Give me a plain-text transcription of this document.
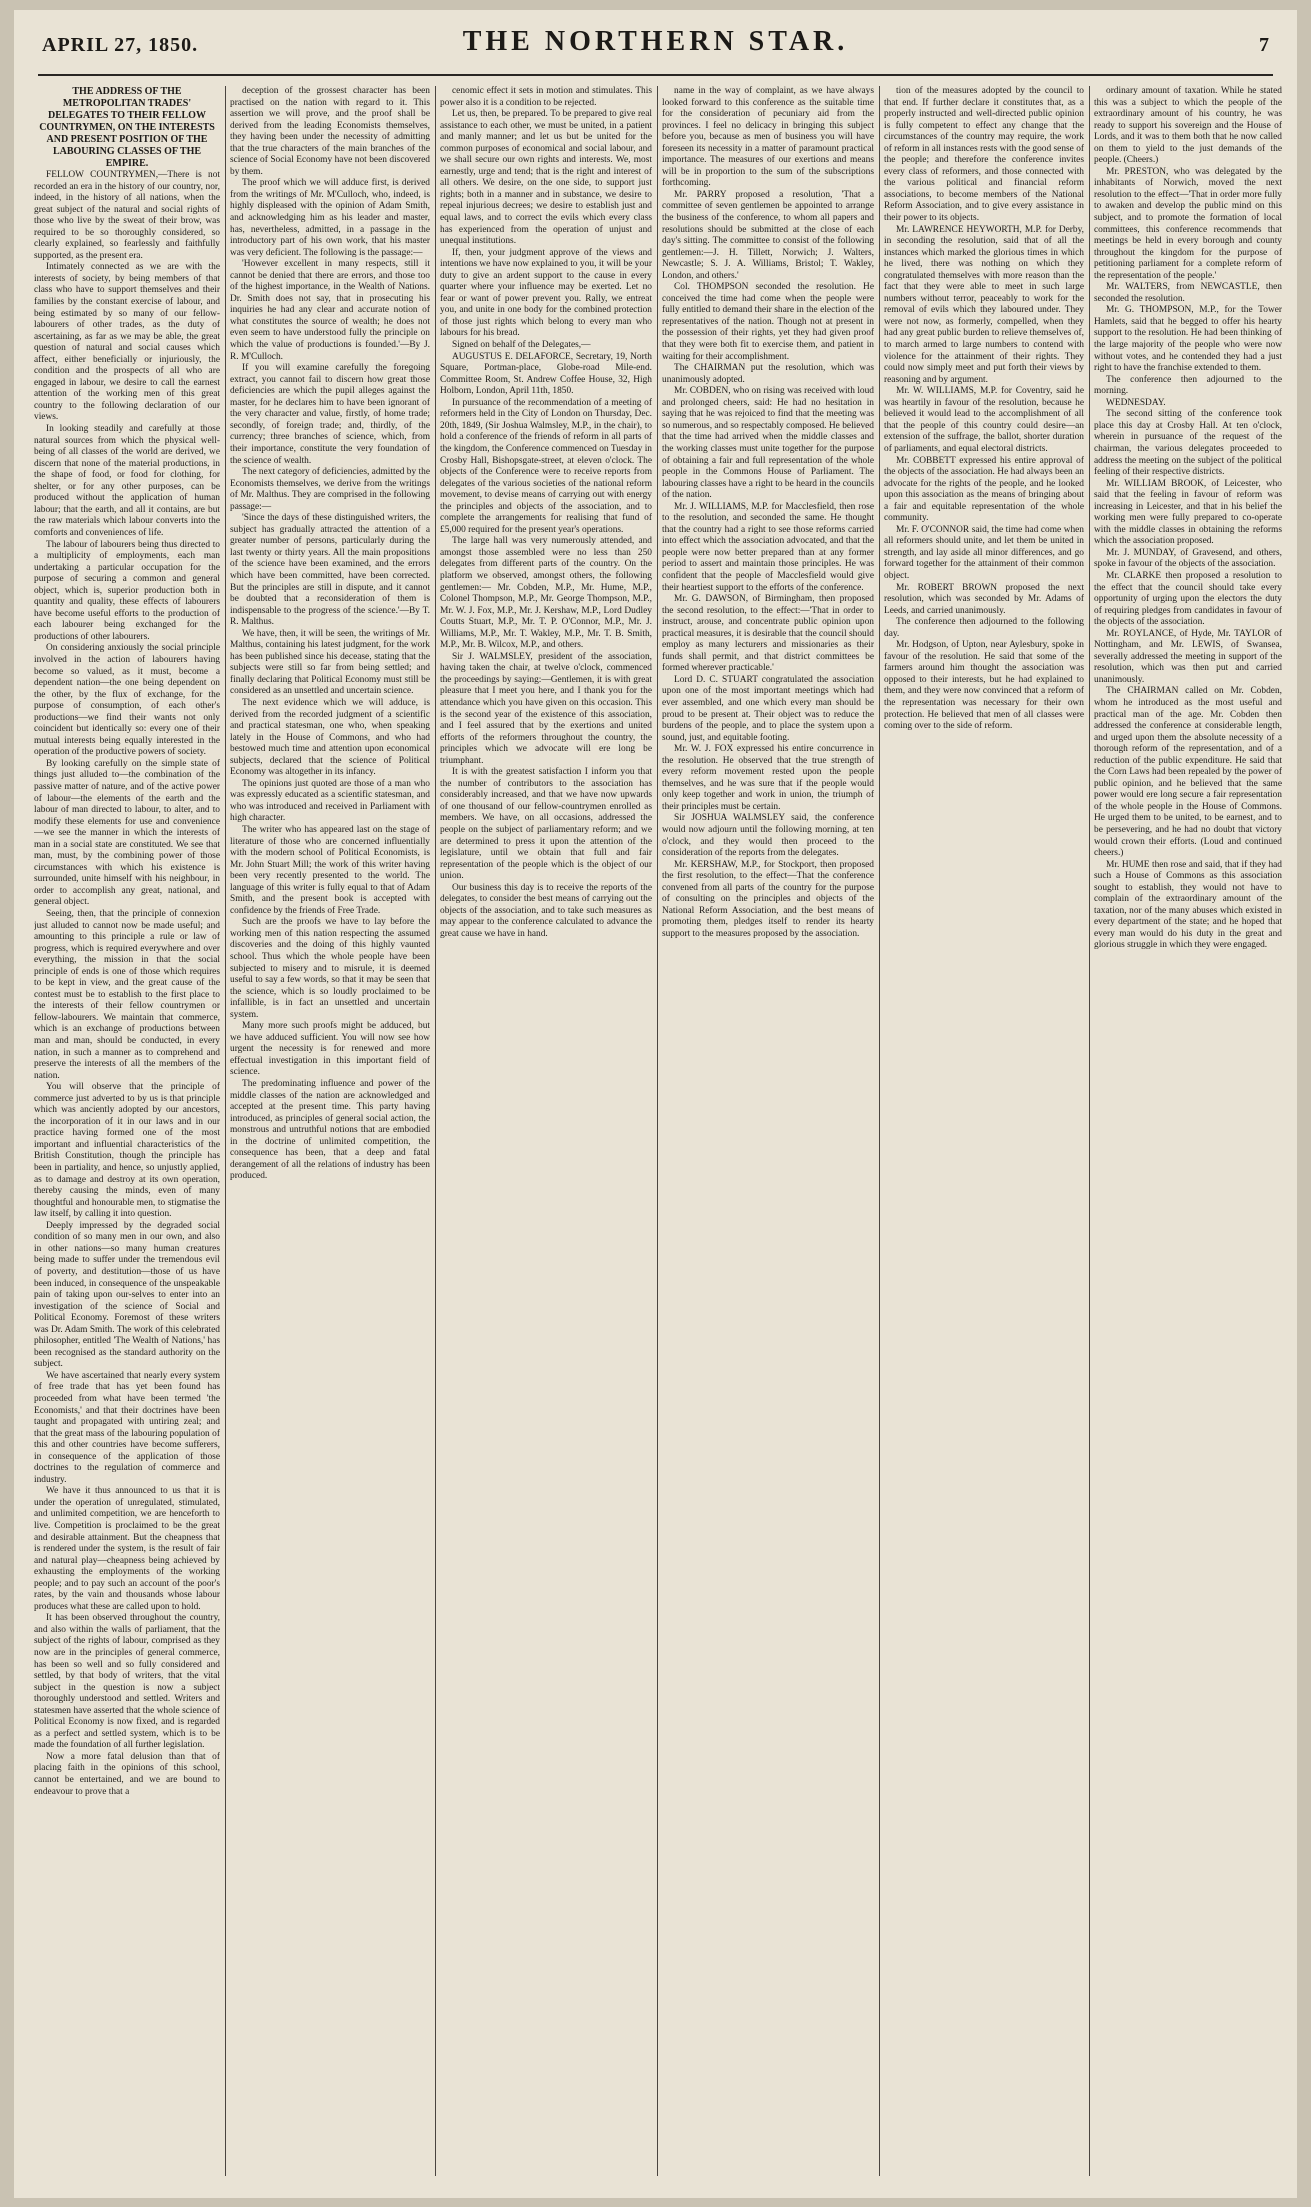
APRIL 27, 1850.	THE NORTHERN STAR.	7

THE ADDRESS OF THE METROPOLITAN TRADES' DELEGATES TO THEIR FELLOW COUNTRYMEN, ON THE INTERESTS AND PRESENT POSITION OF THE LABOURING CLASSES OF THE EMPIRE.

FELLOW COUNTRYMEN,—There is not recorded an era in the history of our country, nor, indeed, in the history of all nations, when the great subject of the natural and social rights of those who live by the sweat of their brow, was required to be so thoroughly considered, so clearly explained, so fearlessly and faithfully supported, as the present era.

Intimately connected as we are with the interests of society, by being members of that class who have to support themselves and their families by the constant exercise of labour, and being estimated by so many of our fellow-labourers of other trades, as the duty of ascertaining, as far as we may be able, the great question of natural and social causes which affect, either beneficially or injuriously, the condition and the prospects of all who are engaged in labour, we desire to call the earnest attention of the working men of this great country to the following declaration of our views.

In looking steadily and carefully at those natural sources from which the physical well-being of all classes of the world are derived, we discern that none of the material productions, in the shape of food, or food for clothing, for shelter, or for any other purposes, can be produced without the application of human labour; that the earth, and all it contains, are but the raw materials which labour converts into the comforts and conveniences of life.

The labour of labourers being thus directed to a multiplicity of employments, each man undertaking a particular occupation for the purpose of securing a common and general object, which is, superior production both in quantity and quality, these effects of labourers have become useful efforts to the production of each labourer being exchanged for the productions of other labourers.

On considering anxiously the social principle involved in the action of labourers having become so valued, as it must, become a dependent nation—the one being dependent on the other, by the flux of exchange, for the purpose of consumption, of each other's productions—we find their wants not only coincident but identically so: every one of their mutual interests being equally interested in the operation of the productive powers of society.

By looking carefully on the simple state of things just alluded to—the combination of the passive matter of nature, and of the active power of labour—the elements of the earth and the labour of man directed to labour, to alter, and to modify these elements for use and convenience—we see the manner in which the interests of man in a social state are constituted. We see that man, must, by the combining power of those circumstances with which his existence is surrounded, unite himself with his neighbour, in order to accomplish any great, national, and general object.

Seeing, then, that the principle of connexion just alluded to cannot now be made useful; and amounting to this principle a rule or law of progress, which is required everywhere and over everything, the mission in that the social principle of ends is one of those which requires to be kept in view, and the great cause of the contest must be to establish to the first place to the interests of their fellow countrymen or fellow-labourers. We maintain that commerce, which is an exchange of productions between man and man, should be conducted, in every nation, in such a manner as to comprehend and preserve the interests of all the members of the nation.

You will observe that the principle of commerce just adverted to by us is that principle which was anciently adopted by our ancestors, the incorporation of it in our laws and in our practice having formed one of the most important and influential characteristics of the British Constitution, though the principle has been in partiality, and hence, so unjustly applied, as to damage and destroy at its own operation, thereby causing the minds, even of many thoughtful and honourable men, to stigmatise the law itself, by calling it into question.

Deeply impressed by the degraded social condition of so many men in our own, and also in other nations—so many human creatures being made to suffer under the tremendous evil of poverty, and destitution—those of us have been induced, in consequence of the unspeakable pain of taking upon our-selves to enter into an investigation of the science of Social and Political Economy. Foremost of these writers was Dr. Adam Smith. The work of this celebrated philosopher, entitled 'The Wealth of Nations,' has been recognised as the standard authority on the subject.

We have ascertained that nearly every system of free trade that has yet been found has proceeded from what have been termed 'the Economists,' and that their doctrines have been taught and propagated with untiring zeal; and that the great mass of the labouring population of this and other countries have become sufferers, in consequence of the application of those doctrines to the regulation of commerce and industry.

We have it thus announced to us that it is under the operation of unregulated, stimulated, and unlimited competition, we are henceforth to live. Competition is proclaimed to be the great and desirable attainment. But the cheapness that is rendered under the system, is the result of fair and natural play—cheapness being achieved by exhausting the employments of the working people; and to pay such an account of the poor's rates, by the vain and thousands whose labour produces what these are called upon to hold.

It has been observed throughout the country, and also within the walls of parliament, that the subject of the rights of labour, comprised as they now are in the principles of general commerce, has been so well and so fully considered and settled, by that body of writers, that the vital subject in the question is now a subject thoroughly understood and settled. Writers and statesmen have asserted that the whole science of Political Economy is now fixed, and is regarded as a perfect and settled system, which is to be made the foundation of all further legislation.

Now a more fatal delusion than that of placing faith in the opinions of this school, cannot be entertained, and we are bound to endeavour to prove that a

deception of the grossest character has been practised on the nation with regard to it. This assertion we will prove, and the proof shall be derived from the leading Economists themselves, they having been under the necessity of admitting that the true characters of the main branches of the science of Social Economy have not been discovered by them.

The proof which we will adduce first, is derived from the writings of Mr. M'Culloch, who, indeed, is highly displeased with the opinion of Adam Smith, and acknowledging him as his leader and master, has, nevertheless, admitted, in a passage in the introductory part of his own work, that his master was very deficient. The following is the passage:—

'However excellent in many respects, still it cannot be denied that there are errors, and those too of the highest importance, in the Wealth of Nations. Dr. Smith does not say, that in prosecuting his inquiries he had any clear and accurate notion of what constitutes the source of wealth; he does not even seem to have understood fully the principle on which the value of productions is founded.'—By J. R. M'Culloch.

If you will examine carefully the foregoing extract, you cannot fail to discern how great those deficiencies are which the pupil alleges against the master, for he declares him to have been ignorant of the very character and value, firstly, of home trade; secondly, of foreign trade; and, thirdly, of the currency; three branches of science, which, from their importance, constitute the very foundation of the science of wealth.

The next category of deficiencies, admitted by the Economists themselves, we derive from the writings of Mr. Malthus. They are comprised in the following passage:—

'Since the days of these distinguished writers, the subject has gradually attracted the attention of a greater number of persons, particularly during the last twenty or thirty years. All the main propositions of the science have been examined, and the errors which have been committed, have been corrected. But the principles are still in dispute, and it cannot be doubted that a reconsideration of them is indispensable to the progress of the science.'—By T. R. Malthus.

We have, then, it will be seen, the writings of Mr. Malthus, containing his latest judgment, for the work has been published since his decease, stating that the subjects were still so far from being settled; and finally declaring that Political Economy must still be considered as an unsettled and uncertain science.

The next evidence which we will adduce, is derived from the recorded judgment of a scientific and practical statesman, one who, when speaking lately in the House of Commons, and who had bestowed much time and attention upon economical subjects, declared that the science of Political Economy was altogether in its infancy.

The opinions just quoted are those of a man who was expressly educated as a scientific statesman, and who was introduced and received in Parliament with high character.

The writer who has appeared last on the stage of literature of those who are concerned influentially with the modern school of Political Economists, is Mr. John Stuart Mill; the work of this writer having been very recently presented to the world. The language of this writer is fully equal to that of Adam Smith, and the present book is accepted with confidence by the friends of Free Trade.

Such are the proofs we have to lay before the working men of this nation respecting the assumed discoveries and the doing of this highly vaunted school. Thus which the whole people have been subjected to misery and to misrule, it is deemed useful to say a few words, so that it may be seen that the science, which is so loudly proclaimed to be infallible, is in fact an unsettled and uncertain system.

Many more such proofs might be adduced, but we have adduced sufficient. You will now see how urgent the necessity is for renewed and more effectual investigation in this important field of science.

The predominating influence and power of the middle classes of the nation are acknowledged and accepted at the present time. This party having introduced, as principles of general social action, the monstrous and untruthful notions that are embodied in the doctrine of unlimited competition, the consequence has been, that a deep and fatal derangement of all the relations of industry has been produced.

cenomic effect it sets in motion and stimulates. This power also it is a condition to be rejected.

Let us, then, be prepared. To be prepared to give real assistance to each other, we must be united, in a patient and manly manner; and let us but be united for the common purposes of economical and social labour, and we shall secure our own rights and interests. We, most earnestly, urge and tend; that is the right and interest of all others. We desire, on the one side, to support just rights; both in a manner and in substance, we desire to repeal injurious decrees; we desire to establish just and equal laws, and to correct the evils which every class has experienced from the operation of unjust and unequal institutions.

If, then, your judgment approve of the views and intentions we have now explained to you, it will be your duty to give an ardent support to the cause in every quarter where your influence may be exerted. Let no fear or want of power prevent you. Rally, we entreat you, and unite in one body for the combined protection of those just rights which belong to every man who labours for his bread.

Signed on behalf of the Delegates,—

AUGUSTUS E. DELAFORCE, Secretary, 19, North Square, Portman-place, Globe-road Mile-end. Committee Room, St. Andrew Coffee House, 32, High Holborn, London, April 11th, 1850.

In pursuance of the recommendation of a meeting of reformers held in the City of London on Thursday, Dec. 20th, 1849, (Sir Joshua Walmsley, M.P., in the chair), to hold a conference of the friends of reform in all parts of the kingdom, the Conference commenced on Tuesday in Crosby Hall, Bishopsgate-street, at eleven o'clock. The objects of the Conference were to receive reports from delegates of the various societies of the national reform movement, to devise means of carrying out with energy the principles and objects of the association, and to complete the arrangements for realising that fund of £5,000 required for the present year's operations.

The large hall was very numerously attended, and amongst those assembled were no less than 250 delegates from different parts of the country. On the platform we observed, amongst others, the following gentlemen:— Mr. Cobden, M.P., Mr. Hume, M.P., Colonel Thompson, M.P., Mr. George Thompson, M.P., Mr. W. J. Fox, M.P., Mr. J. Kershaw, M.P., Lord Dudley Coutts Stuart, M.P., Mr. T. P. O'Connor, M.P., Mr. J. Williams, M.P., Mr. T. Wakley, M.P., Mr. T. B. Smith, M.P., Mr. B. Wilcox, M.P., and others.

Sir J. WALMSLEY, president of the association, having taken the chair, at twelve o'clock, commenced the proceedings by saying:—Gentlemen, it is with great pleasure that I meet you here, and I thank you for the attendance which you have given on this occasion. This is the second year of the existence of this association, and I feel assured that by the exertions and united efforts of the reformers throughout the country, the principles which we advocate will ere long be triumphant.

It is with the greatest satisfaction I inform you that the number of contributors to the association has considerably increased, and that we have now upwards of one thousand of our fellow-countrymen enrolled as members. We have, on all occasions, addressed the people on the subject of parliamentary reform; and we are determined to press it upon the attention of the legislature, until we obtain that full and fair representation of the people which is the object of our union.

Our business this day is to receive the reports of the delegates, to consider the best means of carrying out the objects of the association, and to take such measures as may appear to the conference calculated to advance the great cause we have in hand.

name in the way of complaint, as we have always looked forward to this conference as the suitable time for the consideration of pecuniary aid from the provinces. I feel no delicacy in bringing this subject before you, because as men of business you will have foreseen its necessity in a matter of paramount practical importance. The measures of our exertions and means will be in proportion to the sum of the subscriptions forthcoming.

Mr. PARRY proposed a resolution, 'That a committee of seven gentlemen be appointed to arrange the business of the conference, to whom all papers and resolutions should be submitted at the close of each day's sitting. The committee to consist of the following gentlemen:—J. H. Tillett, Norwich; J. Walters, Newcastle; S. J. A. Williams, Bristol; T. Wakley, London, and others.'

Col. THOMPSON seconded the resolution. He conceived the time had come when the people were fully entitled to demand their share in the election of the representatives of the nation. Though not at present in the possession of their rights, yet they had given proof that they were both fit to exercise them, and patient in waiting for their accomplishment.

The CHAIRMAN put the resolution, which was unanimously adopted.

Mr. COBDEN, who on rising was received with loud and prolonged cheers, said: He had no hesitation in saying that he was rejoiced to find that the meeting was so numerous, and so respectably composed. He believed that the time had arrived when the middle classes and the working classes must unite together for the purpose of obtaining a fair and full representation of the whole people in the Commons House of Parliament. The labouring classes have a right to be heard in the councils of the nation.

Mr. J. WILLIAMS, M.P. for Macclesfield, then rose to the resolution, and seconded the same. He thought that the country had a right to see those reforms carried into effect which the association advocated, and that the people were now better prepared than at any former period to assert and maintain those principles. He was confident that the people of Macclesfield would give their heartiest support to the efforts of the conference.

Mr. G. DAWSON, of Birmingham, then proposed the second resolution, to the effect:—'That in order to instruct, arouse, and concentrate public opinion upon practical measures, it is desirable that the council should employ as many lecturers and missionaries as their funds shall permit, and that district committees be formed wherever practicable.'

Lord D. C. STUART congratulated the association upon one of the most important meetings which had ever assembled, and one which every man should be proud to be present at. Their object was to reduce the burdens of the people, and to place the system upon a sound, just, and equitable footing.

Mr. W. J. FOX expressed his entire concurrence in the resolution. He observed that the true strength of every reform movement rested upon the people themselves, and he was sure that if the people would only keep together and work in union, the triumph of their principles must be certain.

Sir JOSHUA WALMSLEY said, the conference would now adjourn until the following morning, at ten o'clock, and they would then proceed to the consideration of the reports from the delegates.

Mr. KERSHAW, M.P., for Stockport, then proposed the first resolution, to the effect—That the conference convened from all parts of the country for the purpose of consulting on the principles and objects of the National Reform Association, and the best means of promoting them, pledges itself to render its hearty support to the measures proposed by the association.

tion of the measures adopted by the council to that end. If further declare it constitutes that, as a properly instructed and well-directed public opinion is fully competent to effect any change that the circumstances of the country may require, the work of reform in all instances rests with the good sense of the people; and therefore the conference invites every class of reformers, and those connected with the various political and financial reform associations, to become members of the National Reform Association, and to give every assistance in their power to its objects.

Mr. LAWRENCE HEYWORTH, M.P. for Derby, in seconding the resolution, said that of all the instances which marked the glorious times in which he lived, there was nothing on which they congratulated themselves with more reason than the fact that they were able to meet in such large numbers without terror, peaceably to work for the removal of evils which they laboured under. They were not now, as formerly, compelled, when they had any great public burden to relieve themselves of, to march armed to large numbers to contend with violence for the attainment of their rights. They could now simply meet and put forth their views by reasoning and by argument.

Mr. W. WILLIAMS, M.P. for Coventry, said he was heartily in favour of the resolution, because he believed it would lead to the accomplishment of all that the people of this country could desire—an extension of the suffrage, the ballot, shorter duration of parliaments, and equal electoral districts.

Mr. COBBETT expressed his entire approval of the objects of the association. He had always been an advocate for the rights of the people, and he looked upon this association as the means of bringing about a fair and equitable representation of the whole community.

Mr. F. O'CONNOR said, the time had come when all reformers should unite, and let them be united in strength, and lay aside all minor differences, and go forward together for the attainment of their common object.

Mr. ROBERT BROWN proposed the next resolution, which was seconded by Mr. Adams of Leeds, and carried unanimously.

The conference then adjourned to the following day.

Mr. Hodgson, of Upton, near Aylesbury, spoke in favour of the resolution. He said that some of the farmers around him thought the association was opposed to their interests, but he had explained to them, and they were now convinced that a reform of the representation was necessary for their own protection. He believed that men of all classes were coming over to the side of reform.

ordinary amount of taxation. While he stated this was a subject to which the people of the extraordinary amount of his country, he was ready to support his sovereign and the House of Lords, and it was to them both that he now called on them to yield to the just demands of the people. (Cheers.)

Mr. PRESTON, who was delegated by the inhabitants of Norwich, moved the next resolution to the effect—'That in order more fully to awaken and develop the public mind on this subject, and to promote the formation of local committees, this conference recommends that meetings be held in every borough and county throughout the kingdom for the purpose of petitioning parliament for a complete reform of the representation of the people.'

Mr. WALTERS, from NEWCASTLE, then seconded the resolution.

Mr. G. THOMPSON, M.P., for the Tower Hamlets, said that he begged to offer his hearty support to the resolution. He had been thinking of the large majority of the people who were now without votes, and he contended they had a just right to have the franchise extended to them.

The conference then adjourned to the morning.

WEDNESDAY.

The second sitting of the conference took place this day at Crosby Hall. At ten o'clock, wherein in pursuance of the request of the chairman, the various delegates proceeded to address the meeting on the subject of the political feeling of their respective districts.

Mr. WILLIAM BROOK, of Leicester, who said that the feeling in favour of reform was increasing in Leicester, and that in his belief the working men were fully prepared to co-operate with the middle classes in obtaining the reforms which the association proposed.

Mr. J. MUNDAY, of Gravesend, and others, spoke in favour of the objects of the association.

Mr. CLARKE then proposed a resolution to the effect that the council should take every opportunity of urging upon the electors the duty of requiring pledges from candidates in favour of the objects of the association.

Mr. ROYLANCE, of Hyde, Mr. TAYLOR of Nottingham, and Mr. LEWIS, of Swansea, severally addressed the meeting in support of the resolution, which was then put and carried unanimously.

The CHAIRMAN called on Mr. Cobden, whom he introduced as the most useful and practical man of the age. Mr. Cobden then addressed the conference at considerable length, and urged upon them the absolute necessity of a thorough reform of the representation, and of a reduction of the public expenditure. He said that the Corn Laws had been repealed by the power of public opinion, and he believed that the same power would ere long secure a fair representation of the whole people in the House of Commons. He urged them to be united, to be earnest, and to be persevering, and he had no doubt that victory would crown their efforts. (Loud and continued cheers.)

Mr. HUME then rose and said, that if they had such a House of Commons as this association sought to establish, they would not have to complain of the extraordinary amount of the taxation, nor of the many abuses which existed in every department of the state; and he hoped that every man would do his duty in the great and glorious struggle in which they were engaged.
